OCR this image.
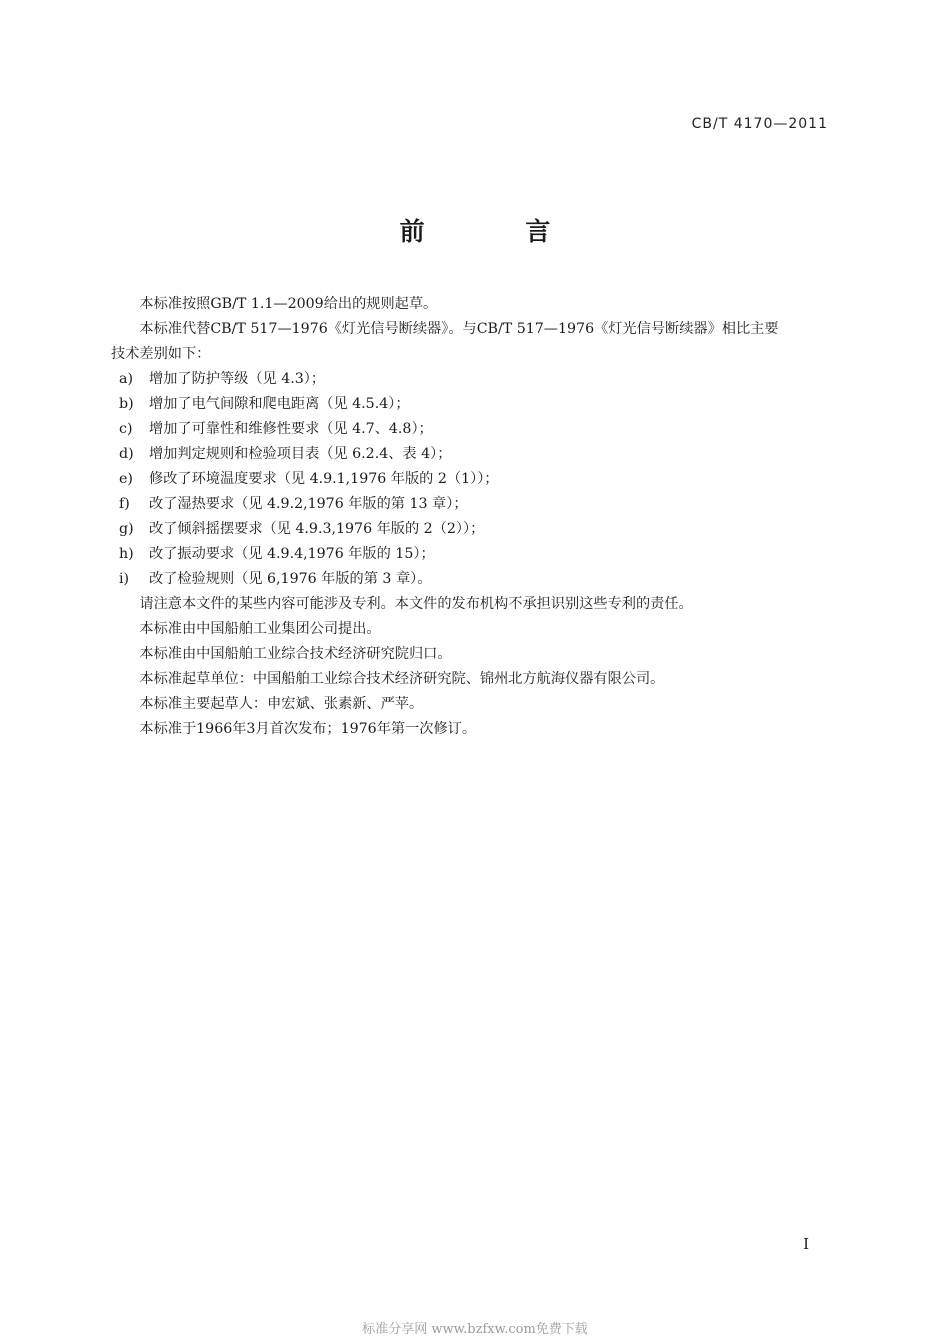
CB/T 4170—2011
前 言

本标准按照GB/T 1.1—2009给出的规则起草。

本标准代替CB/T 517—1976《灯光信号断续器》。与CB/T 517—1976《灯光信号断续器》相比主要

技术差别如下：

a)	增加了防护等级（见 4.3）；
b)	增加了电气间隙和爬电距离（见 4.5.4）；
c)	增加了可靠性和维修性要求（见 4.7、4.8）；
d)	增加判定规则和检验项目表（见 6.2.4、表 4）；
e)	修改了环境温度要求（见 4.9.1,1976 年版的 2（1））；
f)	改了湿热要求（见 4.9.2,1976 年版的第 13 章）；
g)	改了倾斜摇摆要求（见 4.9.3,1976 年版的 2（2））；
h)	改了振动要求（见 4.9.4,1976 年版的 15）；
i)	改了检验规则（见 6,1976 年版的第 3 章）。

请注意本文件的某些内容可能涉及专利。本文件的发布机构不承担识别这些专利的责任。

本标准由中国船舶工业集团公司提出。

本标准由中国船舶工业综合技术经济研究院归口。

本标准起草单位：中国船舶工业综合技术经济研究院、锦州北方航海仪器有限公司。

本标准主要起草人：申宏斌、张素新、严苹。

本标准于1966年3月首次发布；1976年第一次修订。

I
标准分享网 www.bzfxw.com免费下载
